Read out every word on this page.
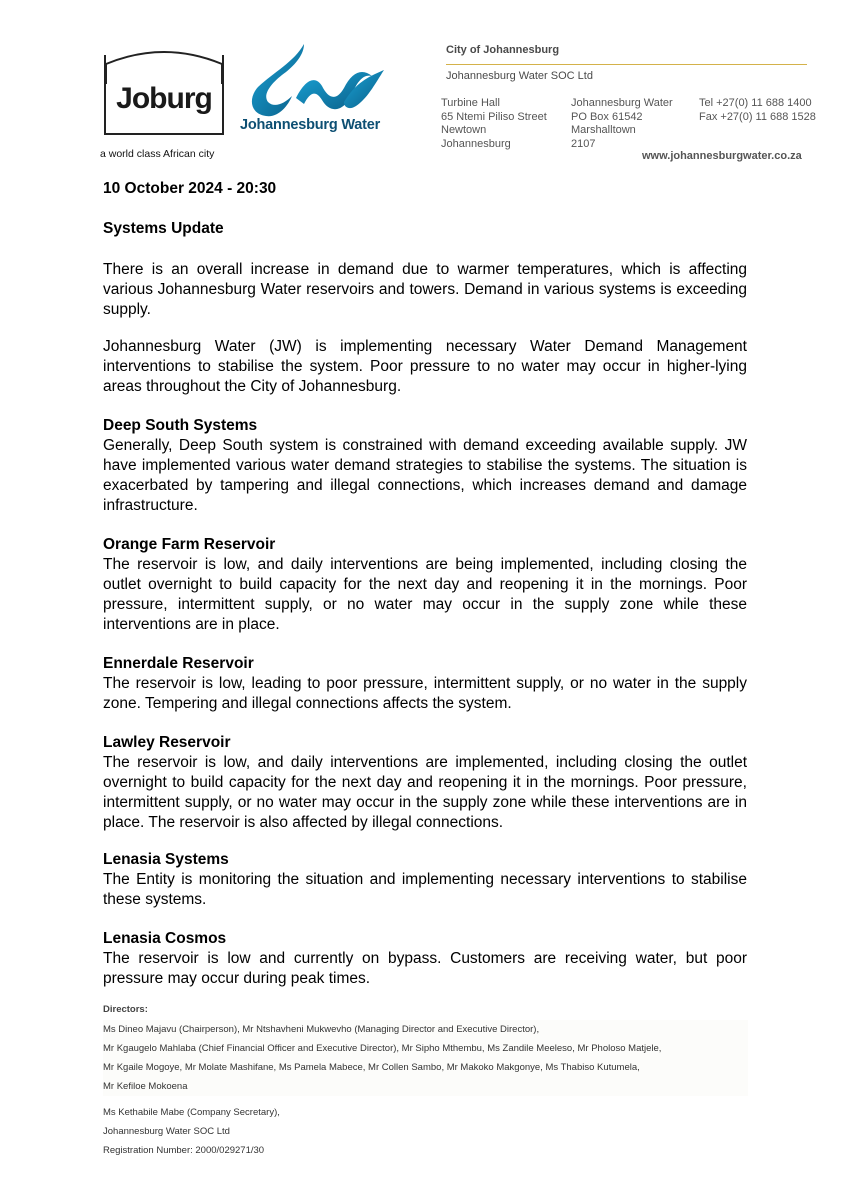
Joburg
a world class African city
Johannesburg Water
City of Johannesburg
Johannesburg Water SOC Ltd
Turbine Hall
65 Ntemi Piliso Street
Newtown
Johannesburg
Johannesburg Water
PO Box 61542
Marshalltown
2107
Tel +27(0) 11 688 1400
Fax +27(0) 11 688 1528
www.johannesburgwater.co.za
10 October 2024 - 20:30
Systems Update
There is an overall increase in demand due to warmer temperatures, which is affecting various Johannesburg Water reservoirs and towers. Demand in various systems is exceeding supply.
Johannesburg Water (JW) is implementing necessary Water Demand Management interventions to stabilise the system. Poor pressure to no water may occur in higher-lying areas throughout the City of Johannesburg.
Deep South Systems
Generally, Deep South system is constrained with demand exceeding available supply. JW have implemented various water demand strategies to stabilise the systems. The situation is exacerbated by tampering and illegal connections, which increases demand and damage infrastructure.
Orange Farm Reservoir
The reservoir is low, and daily interventions are being implemented, including closing the outlet overnight to build capacity for the next day and reopening it in the mornings. Poor pressure, intermittent supply, or no water may occur in the supply zone while these interventions are in place.
Ennerdale Reservoir
The reservoir is low, leading to poor pressure, intermittent supply, or no water in the supply zone. Tempering and illegal connections affects the system.
Lawley Reservoir
The reservoir is low, and daily interventions are implemented, including closing the outlet overnight to build capacity for the next day and reopening it in the mornings. Poor pressure, intermittent supply, or no water may occur in the supply zone while these interventions are in place. The reservoir is also affected by illegal connections.
Lenasia Systems
The Entity is monitoring the situation and implementing necessary interventions to stabilise these systems.
Lenasia Cosmos
The reservoir is low and currently on bypass. Customers are receiving water, but poor pressure may occur during peak times.
Directors:
Ms Dineo Majavu (Chairperson), Mr Ntshavheni Mukwevho (Managing Director and Executive Director),
Mr Kgaugelo Mahlaba (Chief Financial Officer and Executive Director), Mr Sipho Mthembu, Ms Zandile Meeleso, Mr Pholoso Matjele,
Mr Kgaile Mogoye, Mr Molate Mashifane, Ms Pamela Mabece, Mr Collen Sambo, Mr Makoko Makgonye, Ms Thabiso Kutumela,
Mr Kefiloe Mokoena
Ms Kethabile Mabe (Company Secretary),
Johannesburg Water SOC Ltd
Registration Number: 2000/029271/30
